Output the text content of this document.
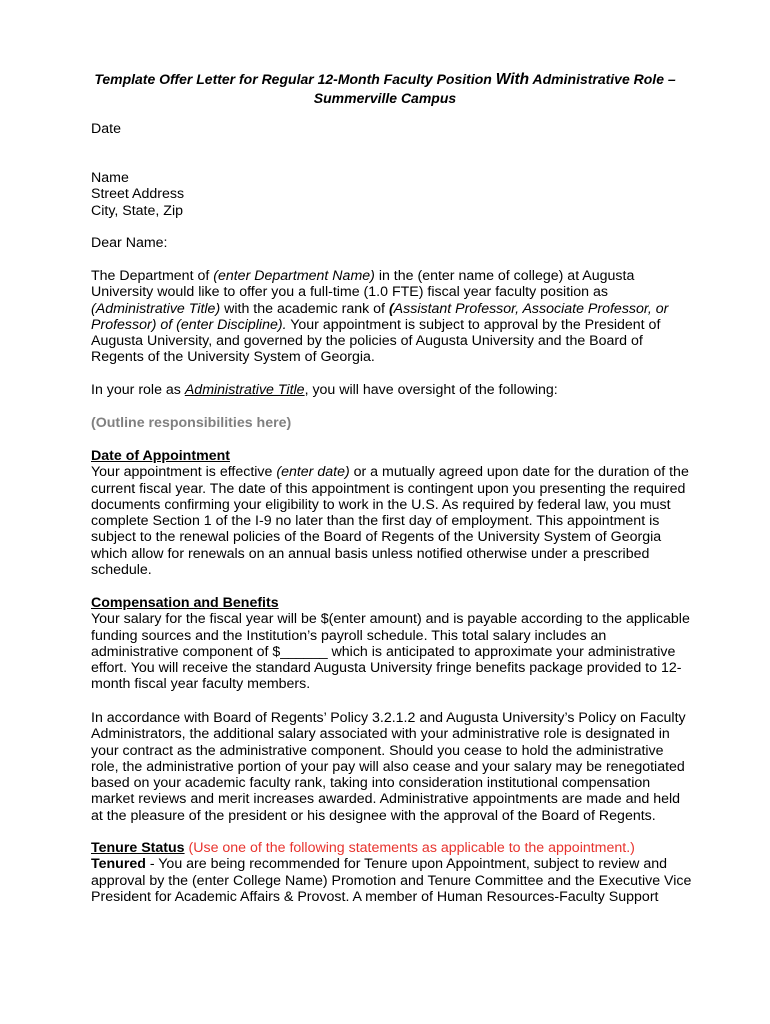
Template Offer Letter for Regular 12-Month Faculty Position With Administrative Role –
Summerville Campus
Date
Name
Street Address
City, State, Zip
Dear Name:
The Department of (enter Department Name) in the (enter name of college) at Augusta
University would like to offer you a full-time (1.0 FTE) fiscal year faculty position as
(Administrative Title) with the academic rank of (Assistant Professor, Associate Professor, or
Professor) of (enter Discipline). Your appointment is subject to approval by the President of
Augusta University, and governed by the policies of Augusta University and the Board of
Regents of the University System of Georgia.
In your role as Administrative Title, you will have oversight of the following:
(Outline responsibilities here)
Date of Appointment
Your appointment is effective (enter date) or a mutually agreed upon date for the duration of the
current fiscal year. The date of this appointment is contingent upon you presenting the required
documents confirming your eligibility to work in the U.S. As required by federal law, you must
complete Section 1 of the I-9 no later than the first day of employment. This appointment is
subject to the renewal policies of the Board of Regents of the University System of Georgia
which allow for renewals on an annual basis unless notified otherwise under a prescribed
schedule.
Compensation and Benefits
Your salary for the fiscal year will be $(enter amount) and is payable according to the applicable
funding sources and the Institution’s payroll schedule. This total salary includes an
administrative component of $______ which is anticipated to approximate your administrative
effort. You will receive the standard Augusta University fringe benefits package provided to 12-
month fiscal year faculty members.
In accordance with Board of Regents’ Policy 3.2.1.2 and Augusta University’s Policy on Faculty
Administrators, the additional salary associated with your administrative role is designated in
your contract as the administrative component. Should you cease to hold the administrative
role, the administrative portion of your pay will also cease and your salary may be renegotiated
based on your academic faculty rank, taking into consideration institutional compensation
market reviews and merit increases awarded. Administrative appointments are made and held
at the pleasure of the president or his designee with the approval of the Board of Regents.
Tenure Status (Use one of the following statements as applicable to the appointment.)
Tenured - You are being recommended for Tenure upon Appointment, subject to review and
approval by the (enter College Name) Promotion and Tenure Committee and the Executive Vice
President for Academic Affairs & Provost. A member of Human Resources-Faculty Support
